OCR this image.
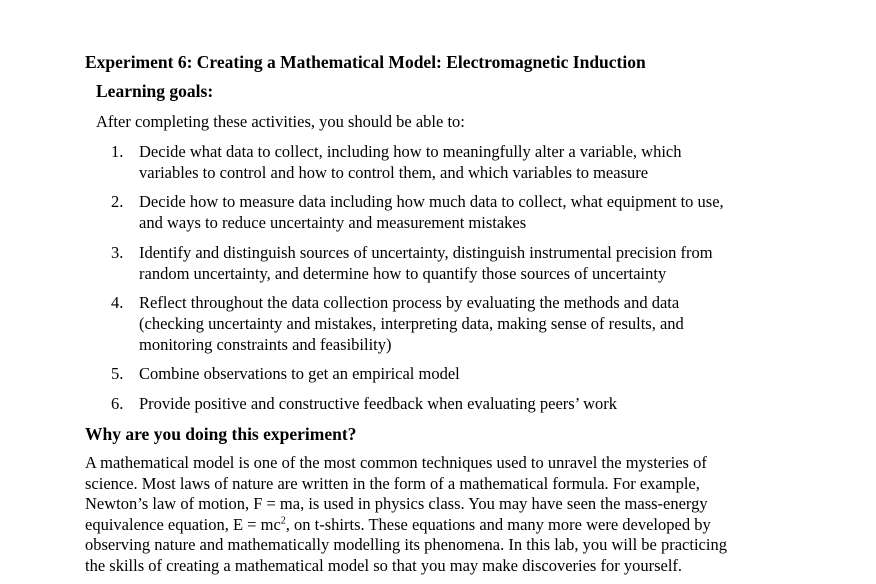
Experiment 6: Creating a Mathematical Model: Electromagnetic Induction
Learning goals:
After completing these activities, you should be able to:
1. Decide what data to collect, including how to meaningfully alter a variable, which
variables to control and how to control them, and which variables to measure
2. Decide how to measure data including how much data to collect, what equipment to use,
and ways to reduce uncertainty and measurement mistakes
3. Identify and distinguish sources of uncertainty, distinguish instrumental precision from
random uncertainty, and determine how to quantify those sources of uncertainty
4. Reflect throughout the data collection process by evaluating the methods and data
(checking uncertainty and mistakes, interpreting data, making sense of results, and
monitoring constraints and feasibility)
5. Combine observations to get an empirical model
6. Provide positive and constructive feedback when evaluating peers’ work
Why are you doing this experiment?
A mathematical model is one of the most common techniques used to unravel the mysteries of
science. Most laws of nature are written in the form of a mathematical formula. For example,
Newton’s law of motion, F = ma, is used in physics class. You may have seen the mass-energy
equivalence equation, $E = mc^2$, on t-shirts. These equations and many more were developed by
observing nature and mathematically modelling its phenomena. In this lab, you will be practicing
the skills of creating a mathematical model so that you may make discoveries for yourself.
